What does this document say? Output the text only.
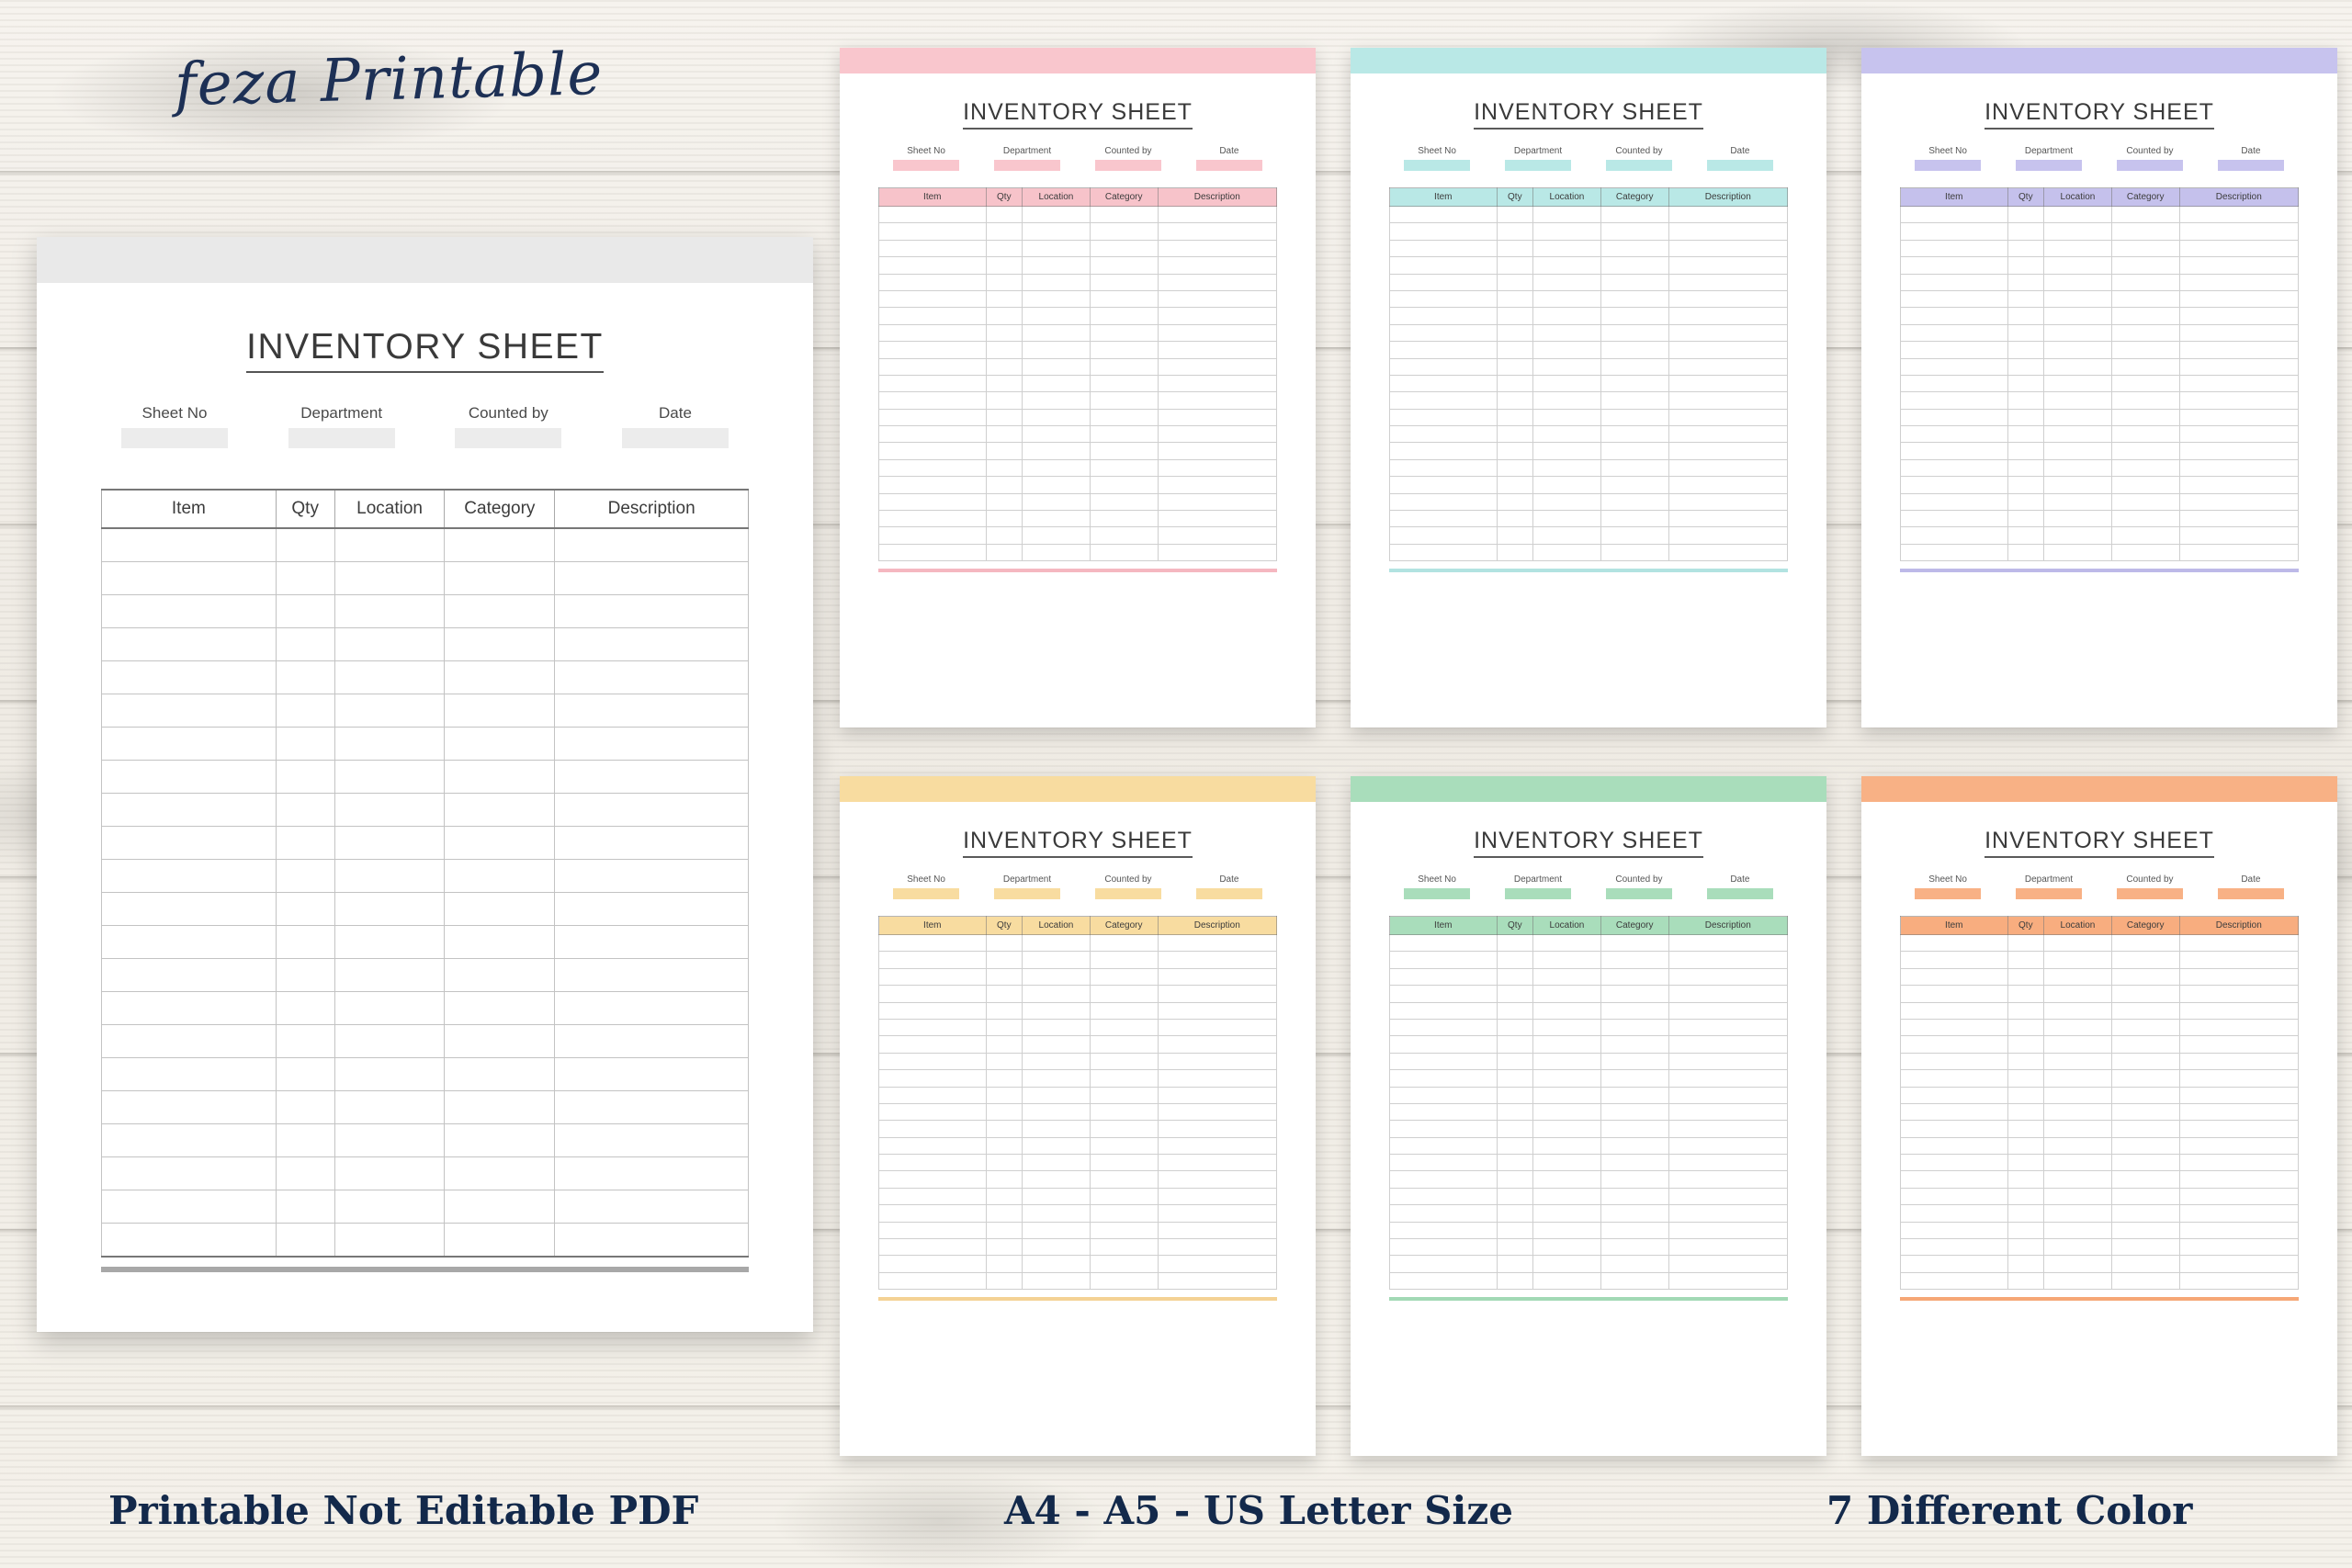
feza Printable
INVENTORY SHEET
Sheet No	Department	Counted by	Date
Item	Qty	Location	Category	Description

INVENTORY SHEET
Sheet No	Department	Counted by	Date
Item	Qty	Location	Category	Description

INVENTORY SHEET
Sheet No	Department	Counted by	Date
Item	Qty	Location	Category	Description

INVENTORY SHEET
Sheet No	Department	Counted by	Date
Item	Qty	Location	Category	Description

INVENTORY SHEET
Sheet No	Department	Counted by	Date
Item	Qty	Location	Category	Description

INVENTORY SHEET
Sheet No	Department	Counted by	Date
Item	Qty	Location	Category	Description

INVENTORY SHEET
Sheet No	Department	Counted by	Date
Item	Qty	Location	Category	Description

Printable Not Editable PDF	A4 - A5 - US Letter Size	7 Different Color
